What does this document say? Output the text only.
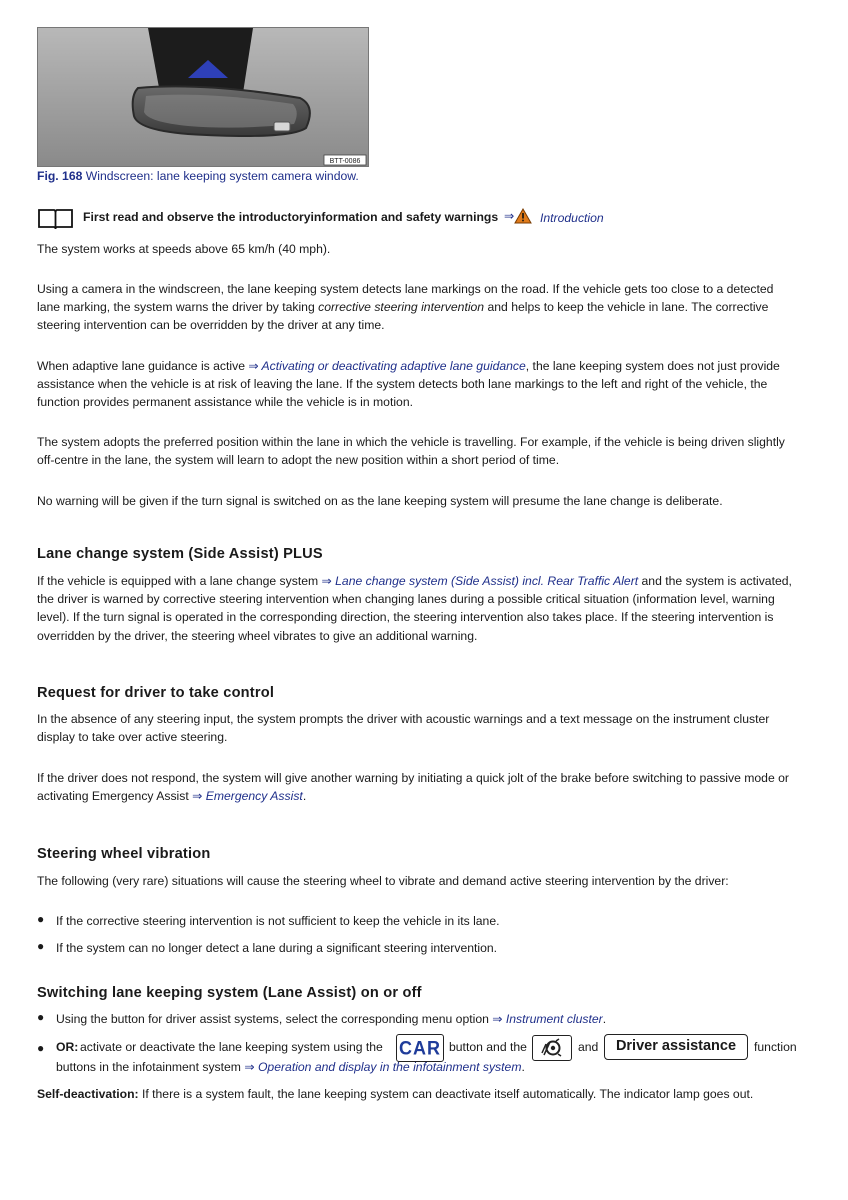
BTT-0086

Fig. 168 Windscreen: lane keeping system camera window.

First read and observe the introductoryinformation and safety warnings ⇒ Introduction

The system works at speeds above 65 km/h (40 mph).

Using a camera in the windscreen, the lane keeping system detects lane markings on the road. If the vehicle gets too close to a detected

lane marking, the system warns the driver by taking corrective steering intervention and helps to keep the vehicle in lane. The corrective

steering intervention can be overridden by the driver at any time.

When adaptive lane guidance is active ⇒ Activating or deactivating adaptive lane guidance, the lane keeping system does not just provide

assistance when the vehicle is at risk of leaving the lane. If the system detects both lane markings to the left and right of the vehicle, the

function provides permanent assistance while the vehicle is in motion.

The system adopts the preferred position within the lane in which the vehicle is travelling. For example, if the vehicle is being driven slightly

off-centre in the lane, the system will learn to adopt the new position within a short period of time.

No warning will be given if the turn signal is switched on as the lane keeping system will presume the lane change is deliberate.

Lane change system (Side Assist) PLUS

If the vehicle is equipped with a lane change system ⇒ Lane change system (Side Assist) incl. Rear Traffic Alert and the system is activated,

the driver is warned by corrective steering intervention when changing lanes during a possible critical situation (information level, warning

level). If the turn signal is operated in the corresponding direction, the steering intervention also takes place. If the steering intervention is

overridden by the driver, the steering wheel vibrates to give an additional warning.

Request for driver to take control

In the absence of any steering input, the system prompts the driver with acoustic warnings and a text message on the instrument cluster

display to take over active steering.

If the driver does not respond, the system will give another warning by initiating a quick jolt of the brake before switching to passive mode or

activating Emergency Assist ⇒ Emergency Assist.

Steering wheel vibration

The following (very rare) situations will cause the steering wheel to vibrate and demand active steering intervention by the driver:

● If the corrective steering intervention is not sufficient to keep the vehicle in its lane.

● If the system can no longer detect a lane during a significant steering intervention.

Switching lane keeping system (Lane Assist) on or off
● Using the button for driver assist systems, select the corresponding menu option ⇒ Instrument cluster.

● OR: activate or deactivate the lane keeping system using the CAR button and the	and	Driver assistance	function

buttons in the infotainment system ⇒ Operation and display in the infotainment system.

Self-deactivation: If there is a system fault, the lane keeping system can deactivate itself automatically. The indicator lamp goes out.
